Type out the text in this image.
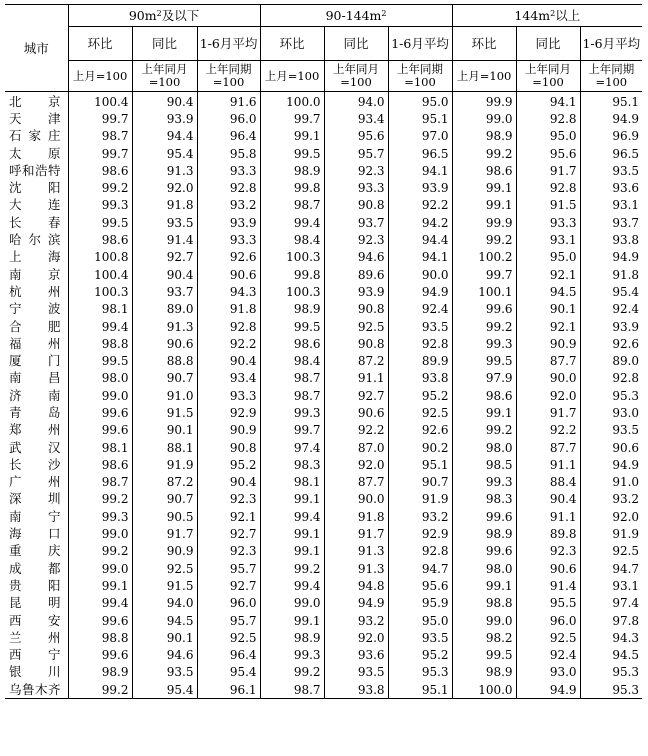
城市	$90m^2$及以下			$90-144m^2$			$144m^2$以上		
	环比	同比	1-6月平均	环比	同比	1-6月平均	环比	同比	1-6月平均
	上月=100	上年同月=100	上年同期=100	上月=100	上年同月=100	上年同期=100	上月=100	上年同月=100	上年同期=100
北京	100.4	90.4	91.6	100.0	94.0	95.0	99.9	94.1	95.1
天津	99.7	93.9	96.0	99.7	93.4	95.1	99.0	92.8	94.9
石家庄	98.7	94.4	96.4	99.1	95.6	97.0	98.9	95.0	96.9
太原	99.7	95.4	95.8	99.5	95.7	96.5	99.2	95.6	96.5
呼和浩特	98.6	91.3	93.3	98.9	92.3	94.1	98.6	91.7	93.5
沈阳	99.2	92.0	92.8	99.8	93.3	93.9	99.1	92.8	93.6
大连	99.3	91.8	93.2	98.7	90.8	92.2	99.1	91.5	93.1
长春	99.5	93.5	93.9	99.4	93.7	94.2	99.9	93.3	93.7
哈尔滨	98.6	91.4	93.3	98.4	92.3	94.4	99.2	93.1	93.8
上海	100.8	92.7	92.6	100.3	94.6	94.1	100.2	95.0	94.9
南京	100.4	90.4	90.6	99.8	89.6	90.0	99.7	92.1	91.8
杭州	100.3	93.7	94.3	100.3	93.9	94.9	100.1	94.5	95.4
宁波	98.1	89.0	91.8	98.9	90.8	92.4	99.6	90.1	92.4
合肥	99.4	91.3	92.8	99.5	92.5	93.5	99.2	92.1	93.9
福州	98.8	90.6	92.2	98.6	90.8	92.8	99.3	90.9	92.6
厦门	99.5	88.8	90.4	98.4	87.2	89.9	99.5	87.7	89.0
南昌	98.0	90.7	93.4	98.7	91.1	93.8	97.9	90.0	92.8
济南	99.0	91.0	93.3	98.7	92.7	95.2	98.6	92.0	95.3
青岛	99.6	91.5	92.9	99.3	90.6	92.5	99.1	91.7	93.0
郑州	99.6	90.1	90.9	99.7	92.2	92.6	99.2	92.2	93.5
武汉	98.1	88.1	90.8	97.4	87.0	90.2	98.0	87.7	90.6
长沙	98.6	91.9	95.2	98.3	92.0	95.1	98.5	91.1	94.9
广州	98.7	87.2	90.4	98.1	87.7	90.7	99.3	88.4	91.0
深圳	99.2	90.7	92.3	99.1	90.0	91.9	98.3	90.4	93.2
南宁	99.3	90.5	92.1	99.4	91.8	93.2	99.6	91.1	92.0
海口	99.0	91.7	92.7	99.1	91.7	92.9	98.9	89.8	91.9
重庆	99.2	90.9	92.3	99.1	91.3	92.8	99.6	92.3	92.5
成都	99.0	92.5	95.7	99.2	91.3	94.7	98.0	90.6	94.7
贵阳	99.1	91.5	92.7	99.4	94.8	95.6	99.1	91.4	93.1
昆明	99.4	94.0	96.0	99.0	94.9	95.9	98.8	95.5	97.4
西安	99.6	94.5	95.7	99.1	93.2	95.0	99.0	96.0	97.8
兰州	98.8	90.1	92.5	98.9	92.0	93.5	98.2	92.5	94.3
西宁	99.6	94.6	96.4	99.3	93.6	95.2	99.5	92.4	94.5
银川	98.9	93.5	95.4	99.2	93.5	95.3	98.9	93.0	95.3
乌鲁木齐	99.2	95.4	96.1	98.7	93.8	95.1	100.0	94.9	95.3
